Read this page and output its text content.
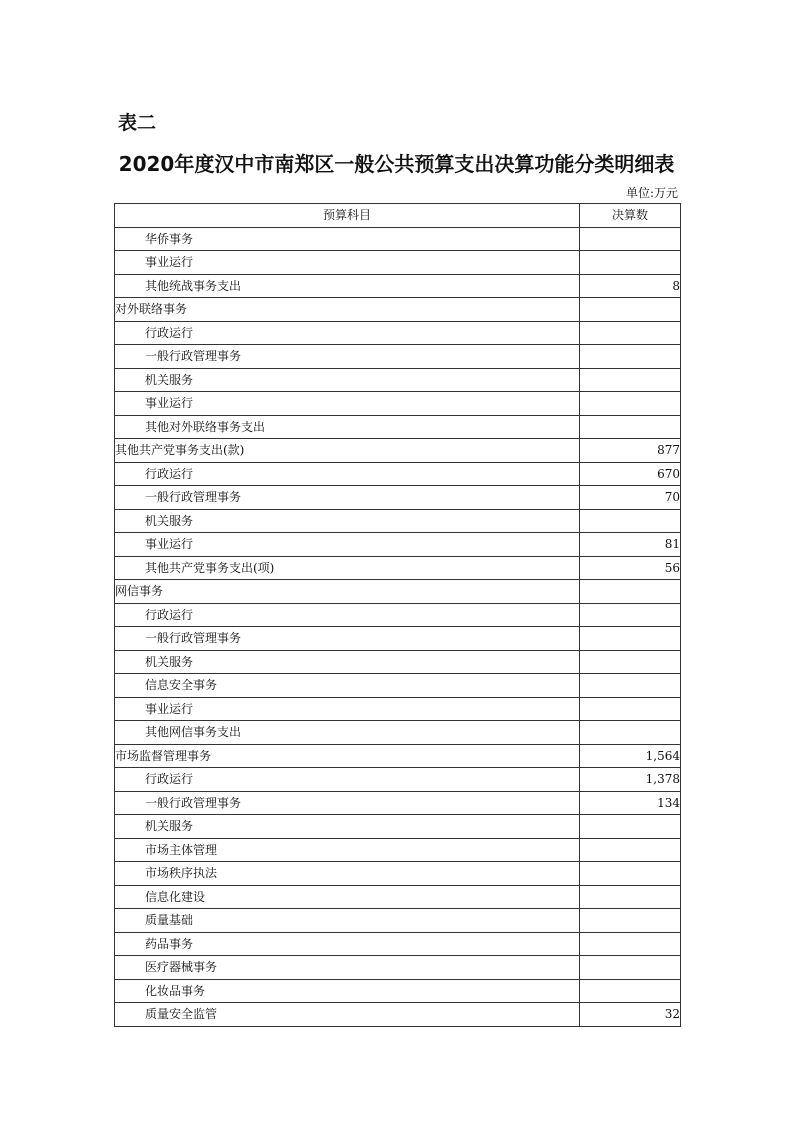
表二
2020年度汉中市南郑区一般公共预算支出决算功能分类明细表
单位:万元
预算科目	决算数
华侨事务	
事业运行	
其他统战事务支出	8
对外联络事务	
行政运行	
一般行政管理事务	
机关服务	
事业运行	
其他对外联络事务支出	
其他共产党事务支出(款)	877
行政运行	670
一般行政管理事务	70
机关服务	
事业运行	81
其他共产党事务支出(项)	56
网信事务	
行政运行	
一般行政管理事务	
机关服务	
信息安全事务	
事业运行	
其他网信事务支出	
市场监督管理事务	1,564
行政运行	1,378
一般行政管理事务	134
机关服务	
市场主体管理	
市场秩序执法	
信息化建设	
质量基础	
药品事务	
医疗器械事务	
化妆品事务	
质量安全监管	32
